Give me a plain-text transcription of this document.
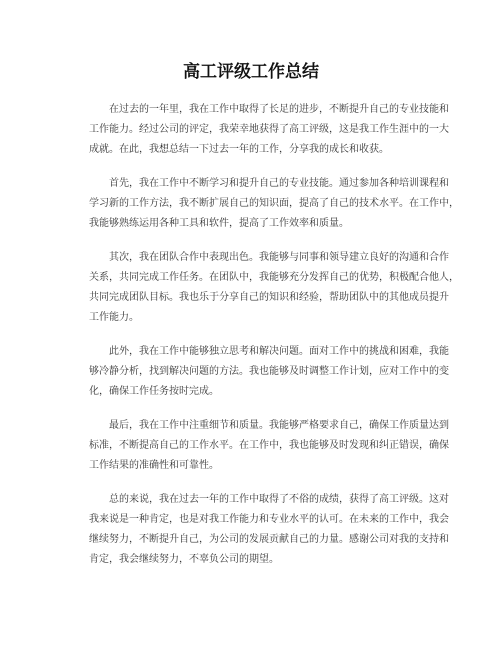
高工评级工作总结

在过去的一年里，我在工作中取得了长足的进步，不断提升自己的专业技能和
工作能力。经过公司的评定，我荣幸地获得了高工评级，这是我工作生涯中的一大
成就。在此，我想总结一下过去一年的工作，分享我的成长和收获。

首先，我在工作中不断学习和提升自己的专业技能。通过参加各种培训课程和
学习新的工作方法，我不断扩展自己的知识面，提高了自己的技术水平。在工作中，
我能够熟练运用各种工具和软件，提高了工作效率和质量。

其次，我在团队合作中表现出色。我能够与同事和领导建立良好的沟通和合作
关系，共同完成工作任务。在团队中，我能够充分发挥自己的优势，积极配合他人，
共同完成团队目标。我也乐于分享自己的知识和经验，帮助团队中的其他成员提升
工作能力。

此外，我在工作中能够独立思考和解决问题。面对工作中的挑战和困难，我能
够冷静分析，找到解决问题的方法。我也能够及时调整工作计划，应对工作中的变
化，确保工作任务按时完成。

最后，我在工作中注重细节和质量。我能够严格要求自己，确保工作质量达到
标准，不断提高自己的工作水平。在工作中，我也能够及时发现和纠正错误，确保
工作结果的准确性和可靠性。

总的来说，我在过去一年的工作中取得了不俗的成绩，获得了高工评级。这对
我来说是一种肯定，也是对我工作能力和专业水平的认可。在未来的工作中，我会
继续努力，不断提升自己，为公司的发展贡献自己的力量。感谢公司对我的支持和
肯定，我会继续努力，不辜负公司的期望。
